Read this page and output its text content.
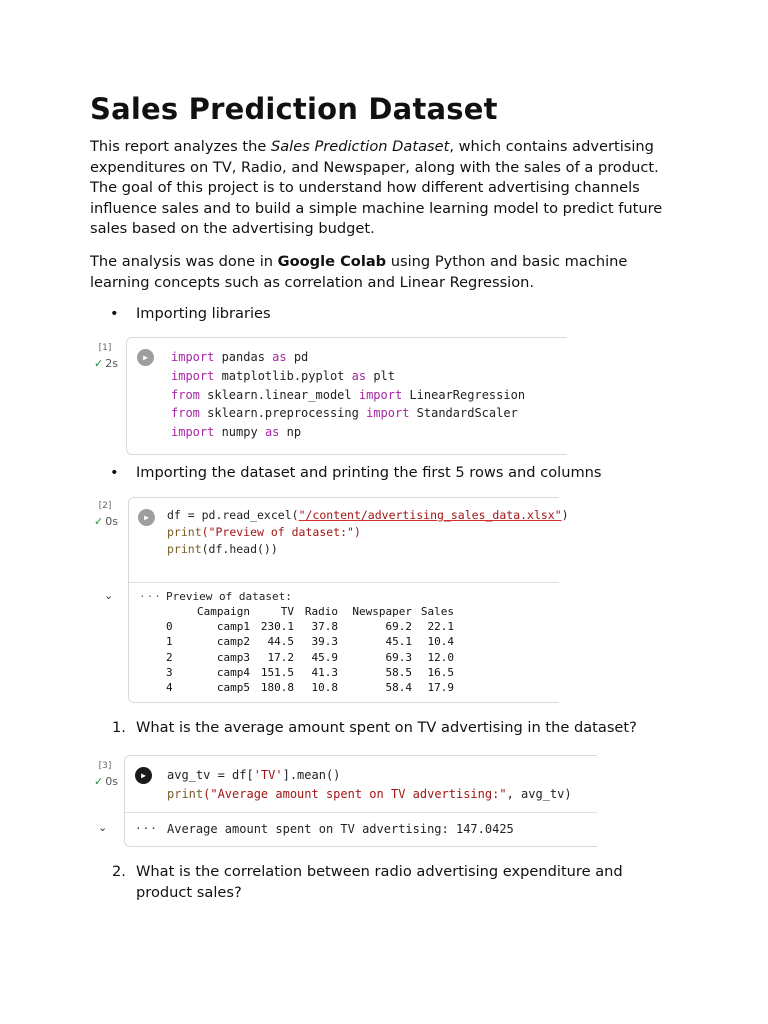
Sales Prediction Dataset

This report analyzes the Sales Prediction Dataset, which contains advertising expenditures on TV, Radio, and Newspaper, along with the sales of a product. The goal of this project is to understand how different advertising channels influence sales and to build a simple machine learning model to predict future sales based on the advertising budget.

The analysis was done in Google Colab using Python and basic machine learning concepts such as correlation and Linear Regression.

• Importing libraries
[1]
✓ 2s	▶	import pandas as pd
import matplotlib.pyplot as plt
from sklearn.linear_model import LinearRegression
from sklearn.preprocessing import StandardScaler
import numpy as np
• Importing the dataset and printing the first 5 rows and columns
[2]
✓ 0s	▶	df = pd.read_excel("/content/advertising_sales_data.xlsx")
print("Preview of dataset:")
print(df.head())
··· Preview of dataset:
	Campaign	TV	Radio	Newspaper	Sales
0	camp1	230.1	37.8	69.2	22.1
1	camp2	44.5	39.3	45.1	10.4
2	camp3	17.2	45.9	69.3	12.0
3	camp4	151.5	41.3	58.5	16.5
4	camp5	180.8	10.8	58.4	17.9
⌄
1. What is the average amount spent on TV advertising in the dataset?
[3]
✓ 0s	▶	avg_tv = df['TV'].mean()
print("Average amount spent on TV advertising:", avg_tv)
··· Average amount spent on TV advertising: 147.0425
⌄
2. What is the correlation between radio advertising expenditure and product sales?
